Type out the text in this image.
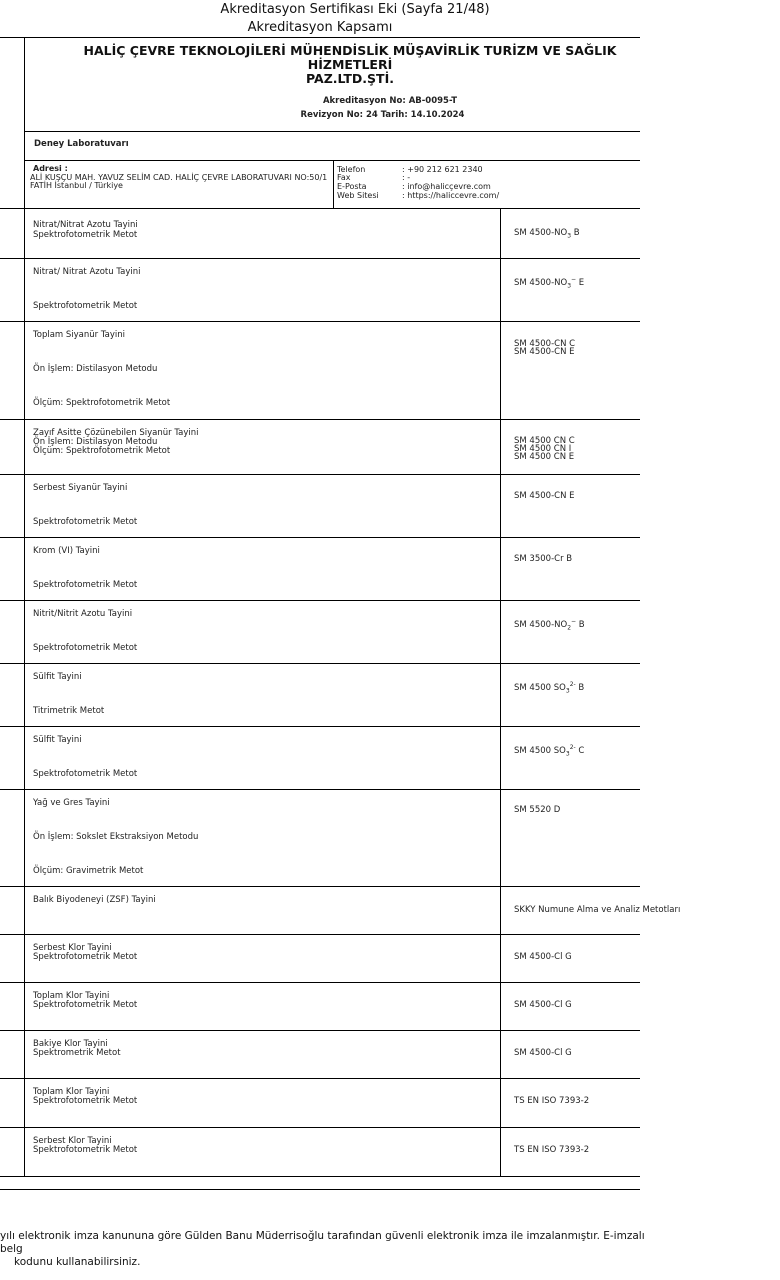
Akreditasyon Sertifikası Eki (Sayfa 21/48)
Akreditasyon Kapsamı
HALİÇ ÇEVRE TEKNOLOJİLERİ MÜHENDİSLİK MÜŞAVİRLİK TURİZM VE SAĞLIK HİZMETLERİ
PAZ.LTD.ŞTİ.
Akreditasyon No: AB-0095-T
Revizyon No: 24 Tarih: 14.10.2024
Deney Laboratuvarı
Adresi :
ALİ KUŞÇU MAH. YAVUZ SELİM CAD. HALİÇ ÇEVRE LABORATUVARI NO:50/1
FATİH İstanbul / Türkiye
Telefon	: +90 212 621 2340
Fax	: -
E-Posta	: info@halicçevre.com
Web Sitesi	: https://haliccevre.com/
Nitrat/Nitrat Azotu Tayini
Spektrofotometrik Metot	SM $4500-NO_3$ B
Nitrat/ Nitrat Azotu Tayini
Spektrofotometrik Metot
SM $4500-NO_3^-$ E
Toplam Siyanür Tayini
Ön İşlem: Distilasyon Metodu
Ölçüm: Spektrofotometrik Metot
SM 4500-CN C
SM 4500-CN E
Zayıf Asitte Çözünebilen Siyanür Tayini
Ön İşlem: Distilasyon Metodu
Ölçüm: Spektrofotometrik Metot
SM 4500 CN C
SM 4500 CN I
SM 4500 CN E
Serbest Siyanür Tayini
Spektrofotometrik Metot
SM 4500-CN E
Krom (VI) Tayini
Spektrofotometrik Metot
SM 3500-Cr B
Nitrit/Nitrit Azotu Tayini
Spektrofotometrik Metot
SM $4500-NO_2^-$ B
Sülfit Tayini
Titrimetrik Metot
SM 4500 $SO_3^{2-}$ B
Sülfit Tayini
Spektrofotometrik Metot
SM 4500 $SO_3^{2-}$ C
Yağ ve Gres Tayini
Ön İşlem: Sokslet Ekstraksiyon Metodu
Ölçüm: Gravimetrik Metot
SM 5520 D
Balık Biyodeneyi (ZSF) Tayini
SKKY Numune Alma ve Analiz Metotları
Serbest Klor Tayini
Spektrofotometrik Metot	SM 4500-Cl G
Toplam Klor Tayini
Spektrofotometrik Metot	SM 4500-Cl G
Bakiye Klor Tayini
Spektrometrik Metot	SM 4500-Cl G
Toplam Klor Tayini
Spektrofotometrik Metot	TS EN ISO 7393-2
Serbest Klor Tayini
Spektrofotometrik Metot	TS EN ISO 7393-2
yılı elektronik imza kanununa göre Gülden Banu Müderrisoğlu tarafından güvenli elektronik imza ile imzalanmıştır. E-imzalı belg
kodunu kullanabilirsiniz.
